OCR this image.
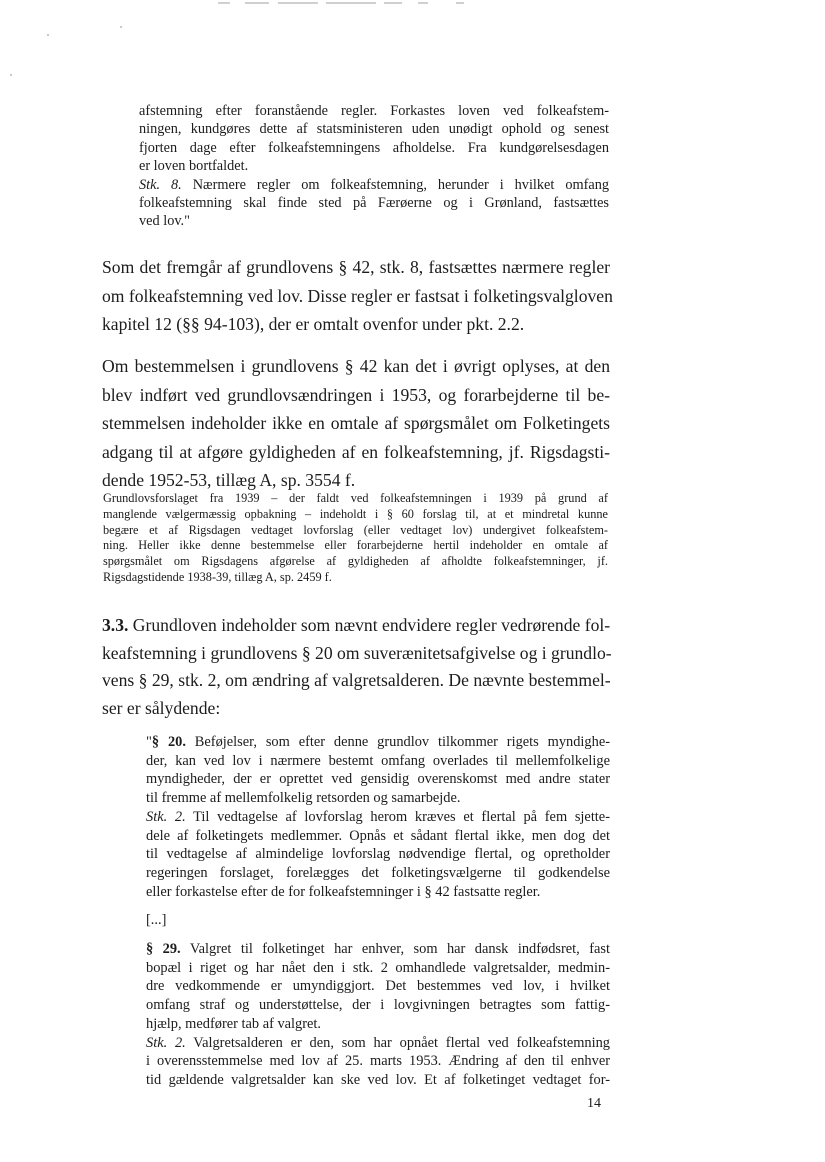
afstemning efter foranstående regler. Forkastes loven ved folkeafstem-
ningen, kundgøres dette af statsministeren uden unødigt ophold og senest
fjorten dage efter folkeafstemningens afholdelse. Fra kundgørelsesdagen
er loven bortfaldet.
Stk. 8. Nærmere regler om folkeafstemning, herunder i hvilket omfang
folkeafstemning skal finde sted på Færøerne og i Grønland, fastsættes
ved lov."
Som det fremgår af grundlovens § 42, stk. 8, fastsættes nærmere regler
om folkeafstemning ved lov. Disse regler er fastsat i folketingsvalgloven
kapitel 12 (§§ 94-103), der er omtalt ovenfor under pkt. 2.2.
Om bestemmelsen i grundlovens § 42 kan det i øvrigt oplyses, at den
blev indført ved grundlovsændringen i 1953, og forarbejderne til be-
stemmelsen indeholder ikke en omtale af spørgsmålet om Folketingets
adgang til at afgøre gyldigheden af en folkeafstemning, jf. Rigsdagsti-
dende 1952-53, tillæg A, sp. 3554 f.
Grundlovsforslaget fra 1939 – der faldt ved folkeafstemningen i 1939 på grund af
manglende vælgermæssig opbakning – indeholdt i § 60 forslag til, at et mindretal kunne
begære et af Rigsdagen vedtaget lovforslag (eller vedtaget lov) undergivet folkeafstem-
ning. Heller ikke denne bestemmelse eller forarbejderne hertil indeholder en omtale af
spørgsmålet om Rigsdagens afgørelse af gyldigheden af afholdte folkeafstemninger, jf.
Rigsdagstidende 1938-39, tillæg A, sp. 2459 f.
3.3. Grundloven indeholder som nævnt endvidere regler vedrørende fol-
keafstemning i grundlovens § 20 om suverænitetsafgivelse og i grundlo-
vens § 29, stk. 2, om ændring af valgretsalderen. De nævnte bestemmel-
ser er sålydende:
"§ 20. Beføjelser, som efter denne grundlov tilkommer rigets myndighe-
der, kan ved lov i nærmere bestemt omfang overlades til mellemfolkelige
myndigheder, der er oprettet ved gensidig overenskomst med andre stater
til fremme af mellemfolkelig retsorden og samarbejde.
Stk. 2. Til vedtagelse af lovforslag herom kræves et flertal på fem sjette-
dele af folketingets medlemmer. Opnås et sådant flertal ikke, men dog det
til vedtagelse af almindelige lovforslag nødvendige flertal, og opretholder
regeringen forslaget, forelægges det folketingsvælgerne til godkendelse
eller forkastelse efter de for folkeafstemninger i § 42 fastsatte regler.
[...]
§ 29. Valgret til folketinget har enhver, som har dansk indfødsret, fast
bopæl i riget og har nået den i stk. 2 omhandlede valgretsalder, medmin-
dre vedkommende er umyndiggjort. Det bestemmes ved lov, i hvilket
omfang straf og understøttelse, der i lovgivningen betragtes som fattig-
hjælp, medfører tab af valgret.
Stk. 2. Valgretsalderen er den, som har opnået flertal ved folkeafstemning
i overensstemmelse med lov af 25. marts 1953. Ændring af den til enhver
tid gældende valgretsalder kan ske ved lov. Et af folketinget vedtaget for-
14
